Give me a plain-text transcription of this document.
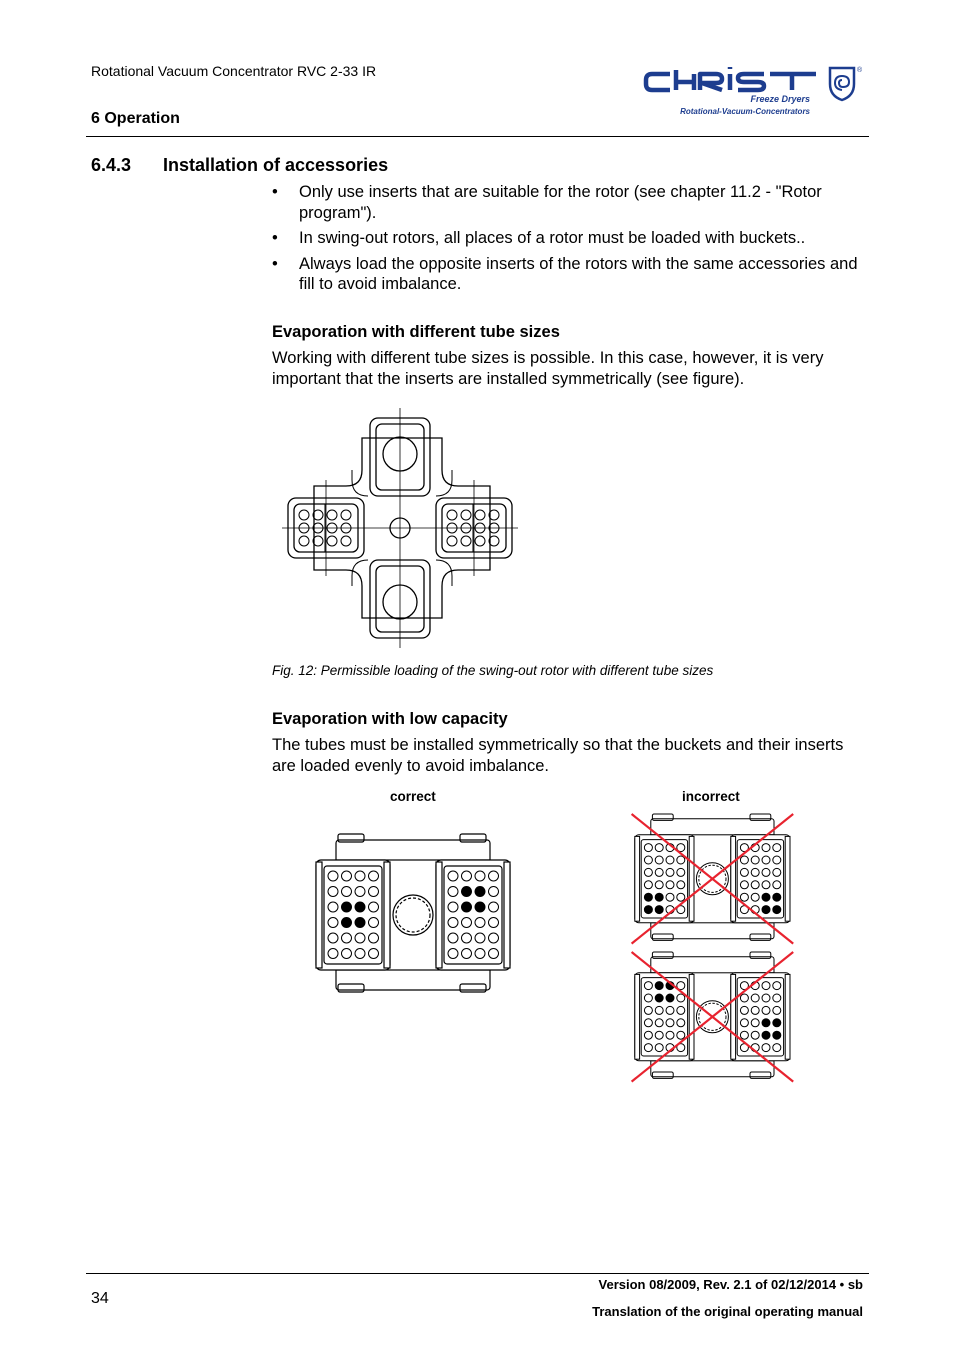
Rotational Vacuum Concentrator RVC 2-33 IR
6 Operation
®
Freeze Dryers
Rotational-Vacuum-Concentrators
6.4.3 Installation of accessories
• Only use inserts that are suitable for the rotor (see chapter 11.2 - "Rotor program").
• In swing-out rotors, all places of a rotor must be loaded with buckets..
• Always load the opposite inserts of the rotors with the same accessories and fill to avoid imbalance.
Evaporation with different tube sizes
Working with different tube sizes is possible. In this case, however, it is very important that the inserts are installed symmetrically (see figure).
Fig. 12: Permissible loading of the swing-out rotor with different tube sizes
Evaporation with low capacity
The tubes must be installed symmetrically so that the buckets and their inserts are loaded evenly to avoid imbalance.
correct	incorrect
34
Version 08/2009, Rev. 2.1 of 02/12/2014 • sb
Translation of the original operating manual
